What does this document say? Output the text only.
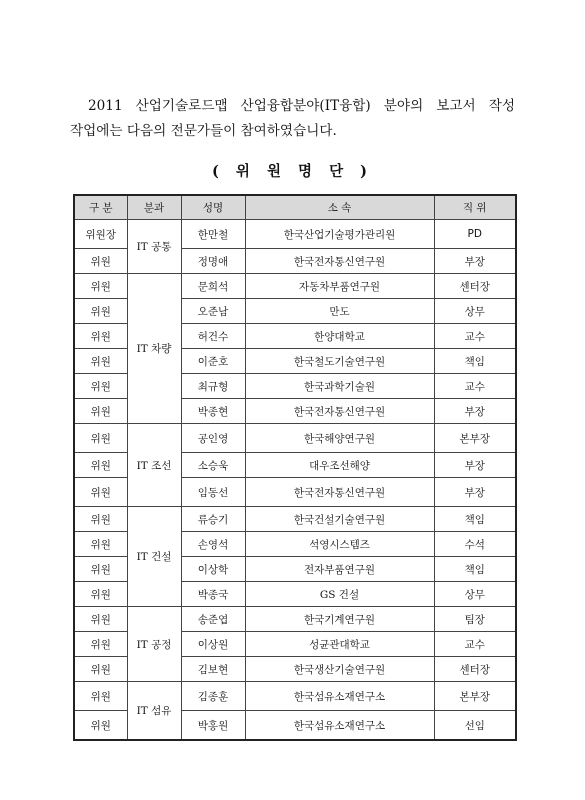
2011 산업기술로드맵 산업융합분야(IT융합) 분야의 보고서 작성

작업에는 다음의 전문가들이 참여하였습니다.

( 위 원 명 단 )
구 분	분과	성명	소 속	직 위
위원장	IT 공통	한만철	한국산업기술평가관리원	PD
위원		정명애	한국전자통신연구원	부장
위원	IT 차량	문희석	자동차부품연구원	센터장
위원		오준남	만도	상무
위원		허건수	한양대학교	교수
위원		이준호	한국철도기술연구원	책임
위원		최규형	한국과학기술원	교수
위원		박종현	한국전자통신연구원	부장
위원	IT 조선	공인영	한국해양연구원	본부장
위원		소승욱	대우조선해양	부장
위원		임동선	한국전자통신연구원	부장
위원	IT 건설	류승기	한국건설기술연구원	책임
위원		손영석	석영시스템즈	수석
위원		이상학	전자부품연구원	책임
위원		박종국	GS 건설	상무
위원	IT 공정	송준엽	한국기계연구원	팀장
위원		이상원	성균관대학교	교수
위원		김보현	한국생산기술연구원	센터장
위원	IT 섬유	김종훈	한국섬유소재연구소	본부장
위원		박홍원	한국섬유소재연구소	선임
